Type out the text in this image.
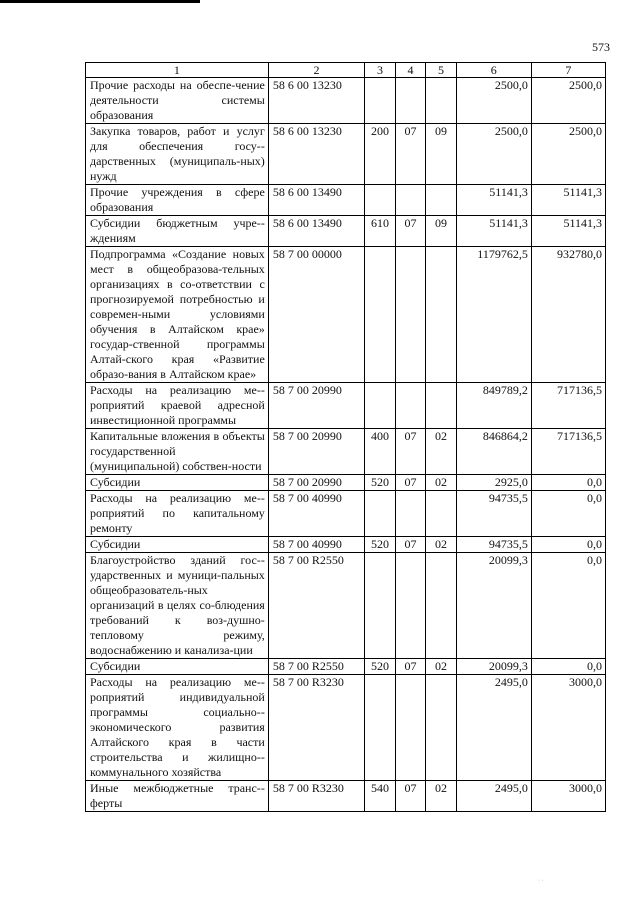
573
1	2	3	4	5	6	7
Прочие расходы на обеспе-чение деятельности системы образования	58 6 00 13230				2500,0	2500,0
Закупка товаров, работ и услуг для обеспечения госу-дарственных (муниципаль-ных) нужд	58 6 00 13230	200	07	09	2500,0	2500,0
Прочие учреждения в сфере образования	58 6 00 13490				51141,3	51141,3
Субсидии бюджетным учре-ждениям	58 6 00 13490	610	07	09	51141,3	51141,3
Подпрограмма «Создание новых мест в общеобразова-тельных организациях в со-ответствии с прогнозируемой потребностью и современ-ными условиями обучения в Алтайском крае» государ-ственной программы Алтай-ского края «Развитие образо-вания в Алтайском крае»	58 7 00 00000				1179762,5	932780,0
Расходы на реализацию ме-роприятий краевой адресной инвестиционной программы	58 7 00 20990				849789,2	717136,5
Капитальные вложения в объекты государственной (муниципальной) собствен-ности	58 7 00 20990	400	07	02	846864,2	717136,5
Субсидии	58 7 00 20990	520	07	02	2925,0	0,0
Расходы на реализацию ме-роприятий по капитальному ремонту	58 7 00 40990				94735,5	0,0
Субсидии	58 7 00 40990	520	07	02	94735,5	0,0
Благоустройство зданий гос-ударственных и муници-пальных общеобразователь-ных организаций в целях со-блюдения требований к воз-душно-тепловому режиму, водоснабжению и канализа-ции	58 7 00 R2550				20099,3	0,0
Субсидии	58 7 00 R2550	520	07	02	20099,3	0,0
Расходы на реализацию ме-роприятий индивидуальной программы социально-экономического развития Алтайского края в части строительства и жилищно-коммунального хозяйства	58 7 00 R3230				2495,0	3000,0
Иные межбюджетные транс-ферты	58 7 00 R3230	540	07	02	2495,0	3000,0
· ·
